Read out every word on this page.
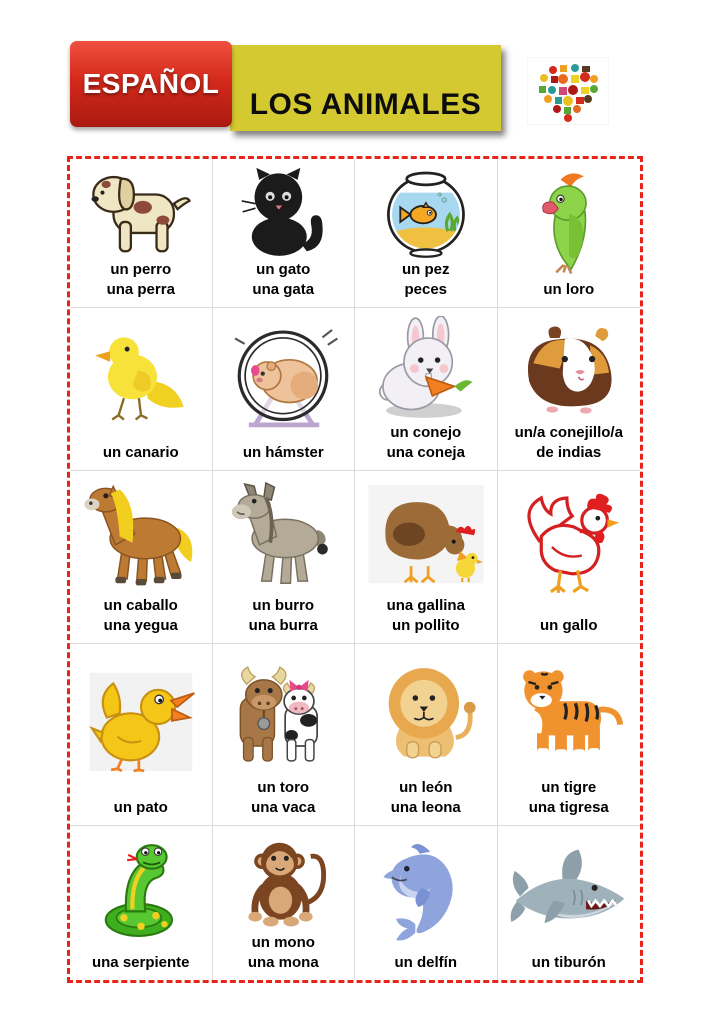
ESPAÑOL
LOS ANIMALES
un perro
una perra
un gato
una gata
un pez
peces	un loro
un canario	un hámster
un conejo
una coneja
un/a conejillo/a
de indias
un caballo
una yegua
un burro
una burra
una gallina
un pollito	un gallo
un pato
un toro
una vaca
un león
una leona
un tigre
una tigresa
una serpiente
un mono
una mona	un delfín	un tiburón
